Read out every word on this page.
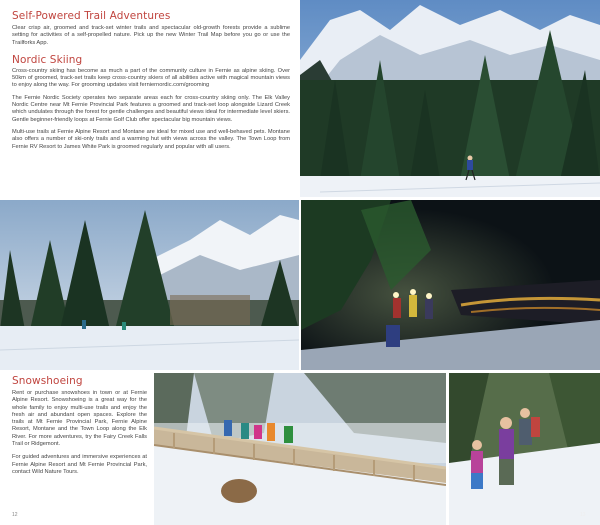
Self-Powered Trail Adventures

Clear crisp air, groomed and track-set winter trails and spectacular old-growth forests provide a sublime setting for activities of a self-propelled nature. Pick up the new Winter Trail Map before you go or use the Trailforks App.

Nordic Skiing

Cross-country skiing has become as much a part of the community culture in Fernie as alpine skiing. Over 50km of groomed, track-set trails keep cross-country skiers of all abilities active with magical mountain views to enjoy along the way. For grooming updates visit ferniernordic.com/grooming

The Fernie Nordic Society operates two separate areas each for cross-country skiing only. The Elk Valley Nordic Centre near Mt Fernie Provincial Park features a groomed and track-set loop alongside Lizard Creek which undulates through the forest for gentle challenges and beautiful views ideal for intermediate level skiers. Gentle beginner-friendly loops at Fernie Golf Club offer spectacular big mountain views.

Multi-use trails at Fernie Alpine Resort and Montane are ideal for mixed use and well-behaved pets. Montane also offers a number of ski-only trails and a warming hut with views across the valley. The Town Loop from Fernie RV Resort to James White Park is groomed regularly and popular with all users.

Snowshoeing

Rent or purchase snowshoes in town or at Fernie Alpine Resort. Snowshoeing is a great way for the whole family to enjoy multi-use trails and enjoy the fresh air and abundant open spaces. Explore the trails at Mt Fernie Provincial Park, Fernie Alpine Resort, Montane and the Town Loop along the Elk River. For more adventures, try the Fairy Creek Falls Trail or Ridgemont.

For guided adventures and immersive experiences at Fernie Alpine Resort and Mt Fernie Provincial Park, contact Wild Nature Tours.

12	13
